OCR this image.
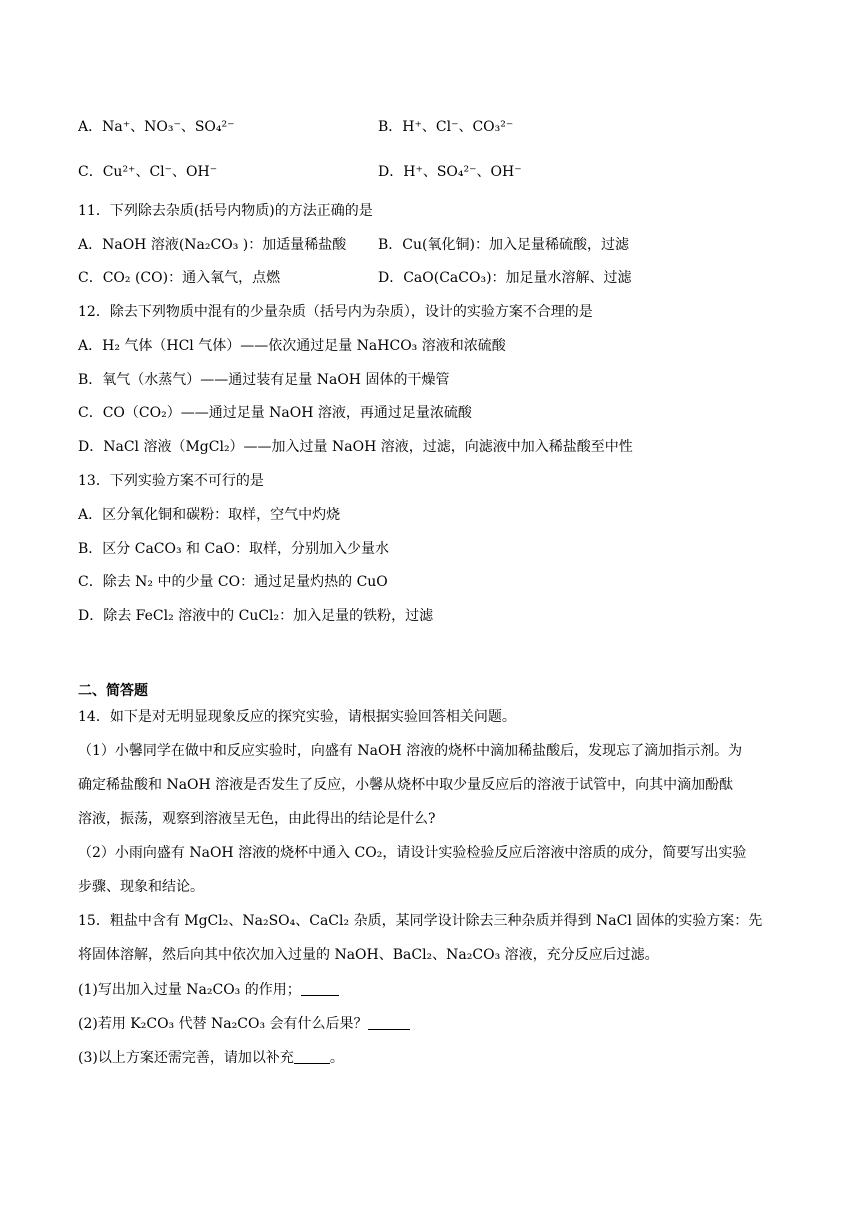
A．Na⁺、NO₃⁻、SO₄²⁻	B．H⁺、Cl⁻、CO₃²⁻
C．Cu²⁺、Cl⁻、OH⁻	D．H⁺、SO₄²⁻、OH⁻
11．下列除去杂质(括号内物质)的方法正确的是
A．NaOH 溶液(Na₂CO₃ )：加适量稀盐酸 B．Cu(氧化铜)：加入足量稀硫酸，过滤
C．CO₂ (CO)：通入氧气，点燃	D．CaO(CaCO₃)：加足量水溶解、过滤
12．除去下列物质中混有的少量杂质（括号内为杂质），设计的实验方案不合理的是
A．H₂ 气体（HCl 气体）——依次通过足量 NaHCO₃ 溶液和浓硫酸
B．氧气（水蒸气）——通过装有足量 NaOH 固体的干燥管
C．CO（CO₂）——通过足量 NaOH 溶液，再通过足量浓硫酸
D．NaCl 溶液（MgCl₂）——加入过量 NaOH 溶液，过滤，向滤液中加入稀盐酸至中性
13．下列实验方案不可行的是
A．区分氧化铜和碳粉：取样，空气中灼烧
B．区分 CaCO₃ 和 CaO：取样，分别加入少量水
C．除去 N₂ 中的少量 CO：通过足量灼热的 CuO
D．除去 FeCl₂ 溶液中的 CuCl₂：加入足量的铁粉，过滤
二、简答题
14．如下是对无明显现象反应的探究实验，请根据实验回答相关问题。
（1）小馨同学在做中和反应实验时，向盛有 NaOH 溶液的烧杯中滴加稀盐酸后，发现忘了滴加指示剂。为
确定稀盐酸和 NaOH 溶液是否发生了反应，小馨从烧杯中取少量反应后的溶液于试管中，向其中滴加酚酞
溶液，振荡，观察到溶液呈无色，由此得出的结论是什么?
（2）小雨向盛有 NaOH 溶液的烧杯中通入 CO₂，请设计实验检验反应后溶液中溶质的成分，简要写出实验
步骤、现象和结论。
15．粗盐中含有 MgCl₂、Na₂SO₄、CaCl₂ 杂质，某同学设计除去三种杂质并得到 NaCl 固体的实验方案：先
将固体溶解，然后向其中依次加入过量的 NaOH、BaCl₂、Na₂CO₃ 溶液，充分反应后过滤。
(1)写出加入过量 Na₂CO₃ 的作用；
(2)若用 K₂CO₃ 代替 Na₂CO₃ 会有什么后果？
(3)以上方案还需完善，请加以补充	。
